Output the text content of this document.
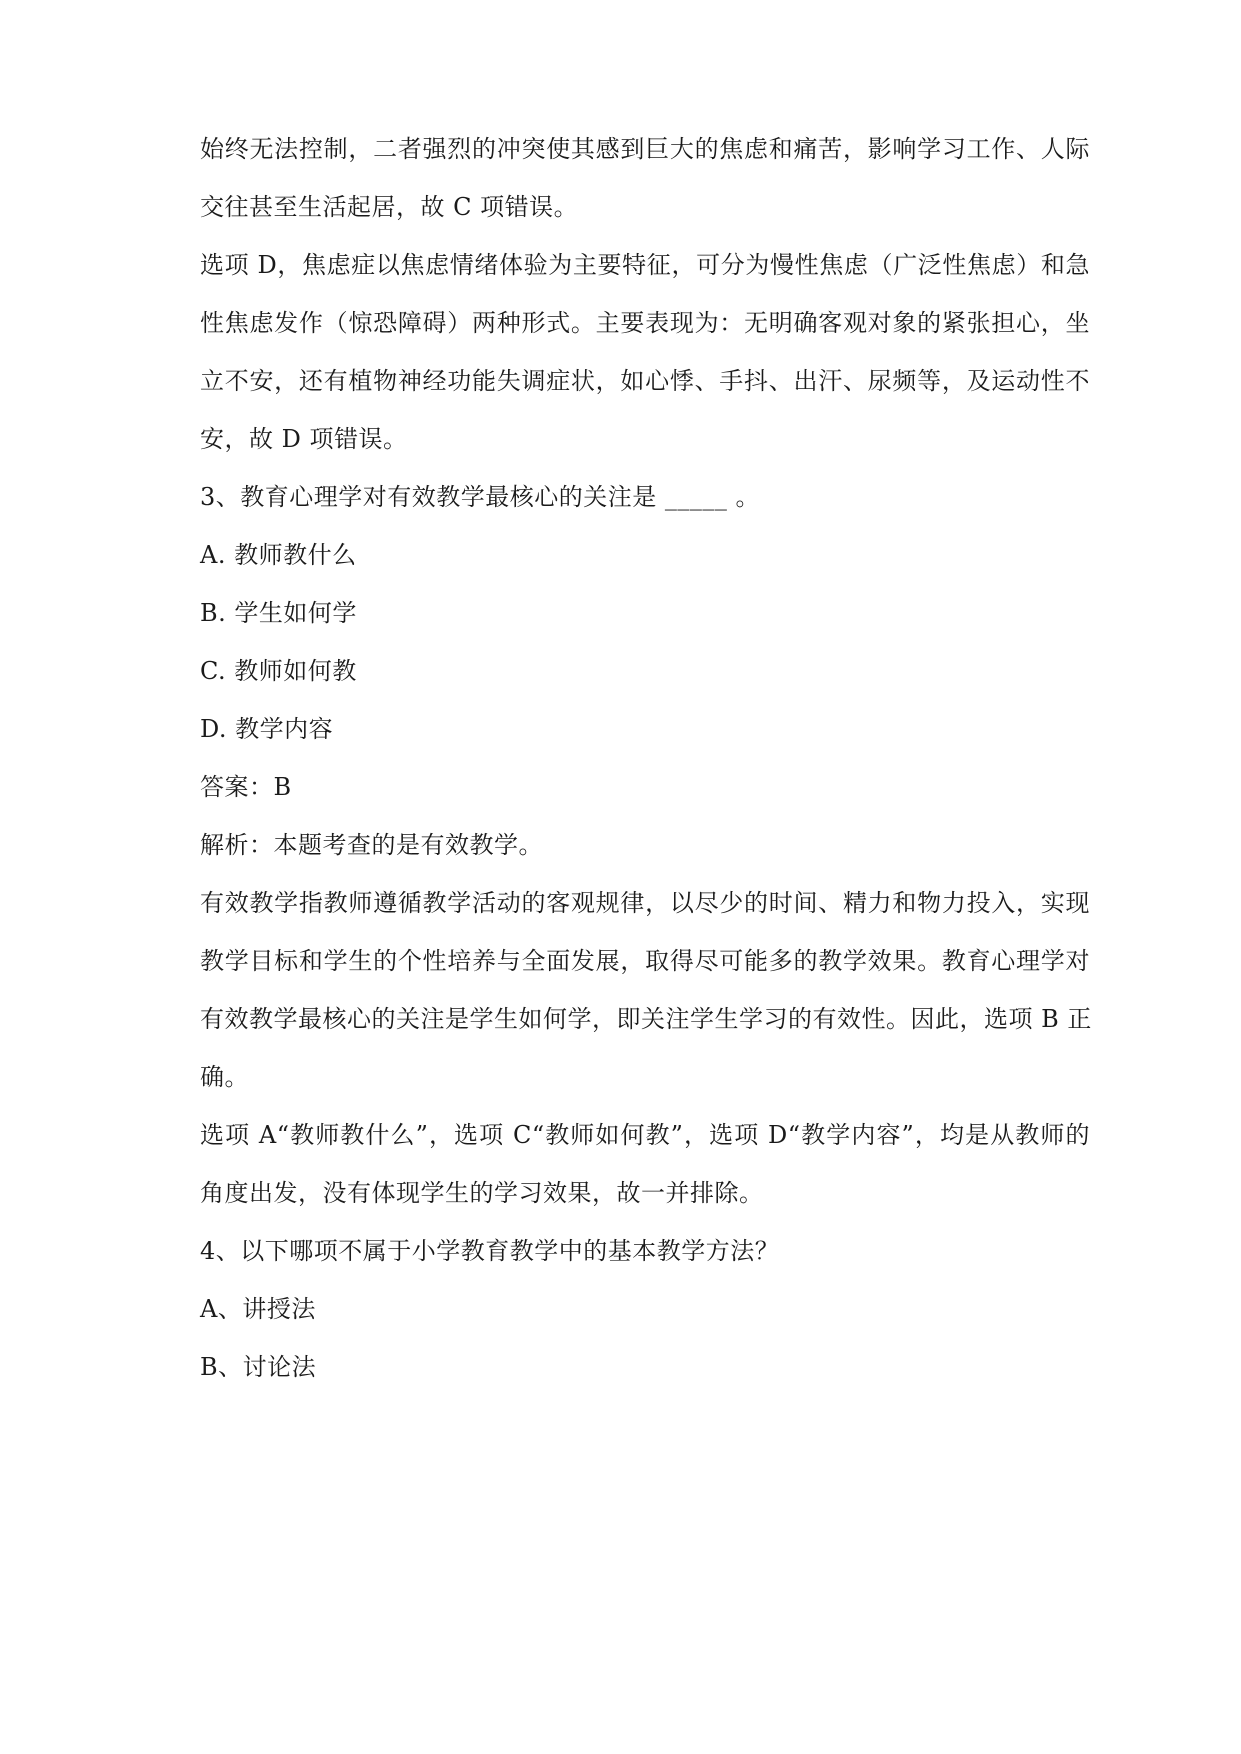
始终无法控制，二者强烈的冲突使其感到巨大的焦虑和痛苦，影响学习工作、人际
交往甚至生活起居，故 C 项错误。
选项 D，焦虑症以焦虑情绪体验为主要特征，可分为慢性焦虑（广泛性焦虑）和急
性焦虑发作（惊恐障碍）两种形式。主要表现为：无明确客观对象的紧张担心，坐
立不安，还有植物神经功能失调症状，如心悸、手抖、出汗、尿频等，及运动性不
安，故 D 项错误。
3、教育心理学对有效教学最核心的关注是 _____ 。
A. 教师教什么
B. 学生如何学
C. 教师如何教
D. 教学内容
答案：B
解析：本题考查的是有效教学。
有效教学指教师遵循教学活动的客观规律，以尽少的时间、精力和物力投入，实现
教学目标和学生的个性培养与全面发展，取得尽可能多的教学效果。教育心理学对
有效教学最核心的关注是学生如何学，即关注学生学习的有效性。因此，选项 B 正
确。
选项 A“教师教什么”，选项 C“教师如何教”，选项 D“教学内容”，均是从教师的
角度出发，没有体现学生的学习效果，故一并排除。
4、以下哪项不属于小学教育教学中的基本教学方法？
A、讲授法
B、讨论法
